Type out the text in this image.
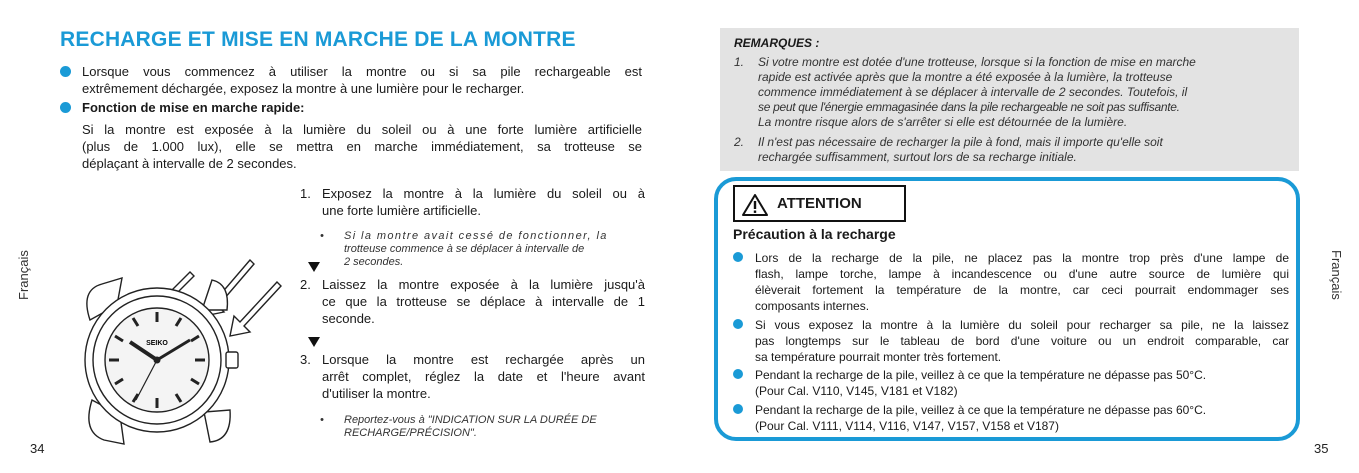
Français	Français
34	35
RECHARGE ET MISE EN MARCHE DE LA MONTRE
Lorsque vous commencez à utiliser la montre ou si sa pile rechargeable est
extrêmement déchargée, exposez la montre à une lumière pour le recharger.
Fonction de mise en marche rapide:
Si la montre est exposée à la lumière du soleil ou à une forte lumière artificielle
(plus de 1.000 lux), elle se mettra en marche immédiatement, sa trotteuse se
déplaçant à intervalle de 2 secondes.
1. Exposez la montre à la lumière du soleil ou à
une forte lumière artificielle.
• Si la montre avait cessé de fonctionner, la
trotteuse commence à se déplacer à intervalle de
2 secondes.
2. Laissez la montre exposée à la lumière jusqu'à
ce que la trotteuse se déplace à intervalle de 1
seconde.
3. Lorsque la montre est rechargée après un
arrêt complet, réglez la date et l'heure avant
d'utiliser la montre.
• Reportez-vous à "INDICATION SUR LA DURÉE DE
RECHARGE/PRÉCISION".
SEIKO
REMARQUES :
1. Si votre montre est dotée d'une trotteuse, lorsque si la fonction de mise en marche
rapide est activée après que la montre a été exposée à la lumière, la trotteuse
commence immédiatement à se déplacer à intervalle de 2 secondes. Toutefois, il
se peut que l'énergie emmagasinée dans la pile rechargeable ne soit pas suffisante.
La montre risque alors de s'arrêter si elle est détournée de la lumière.
2. Il n'est pas nécessaire de recharger la pile à fond, mais il importe qu'elle soit
rechargée suffisamment, surtout lors de sa recharge initiale.
ATTENTION
Précaution à la recharge
Lors de la recharge de la pile, ne placez pas la montre trop près d'une lampe de
flash, lampe torche, lampe à incandescence ou d'une autre source de lumière qui
élèverait fortement la température de la montre, car ceci pourrait endommager ses
composants internes.
Si vous exposez la montre à la lumière du soleil pour recharger sa pile, ne la laissez
pas longtemps sur le tableau de bord d'une voiture ou un endroit comparable, car
sa température pourrait monter très fortement.
Pendant la recharge de la pile, veillez à ce que la température ne dépasse pas 50°C.
(Pour Cal. V110, V145, V181 et V182)
Pendant la recharge de la pile, veillez à ce que la température ne dépasse pas 60°C.
(Pour Cal. V111, V114, V116, V147, V157, V158 et V187)
